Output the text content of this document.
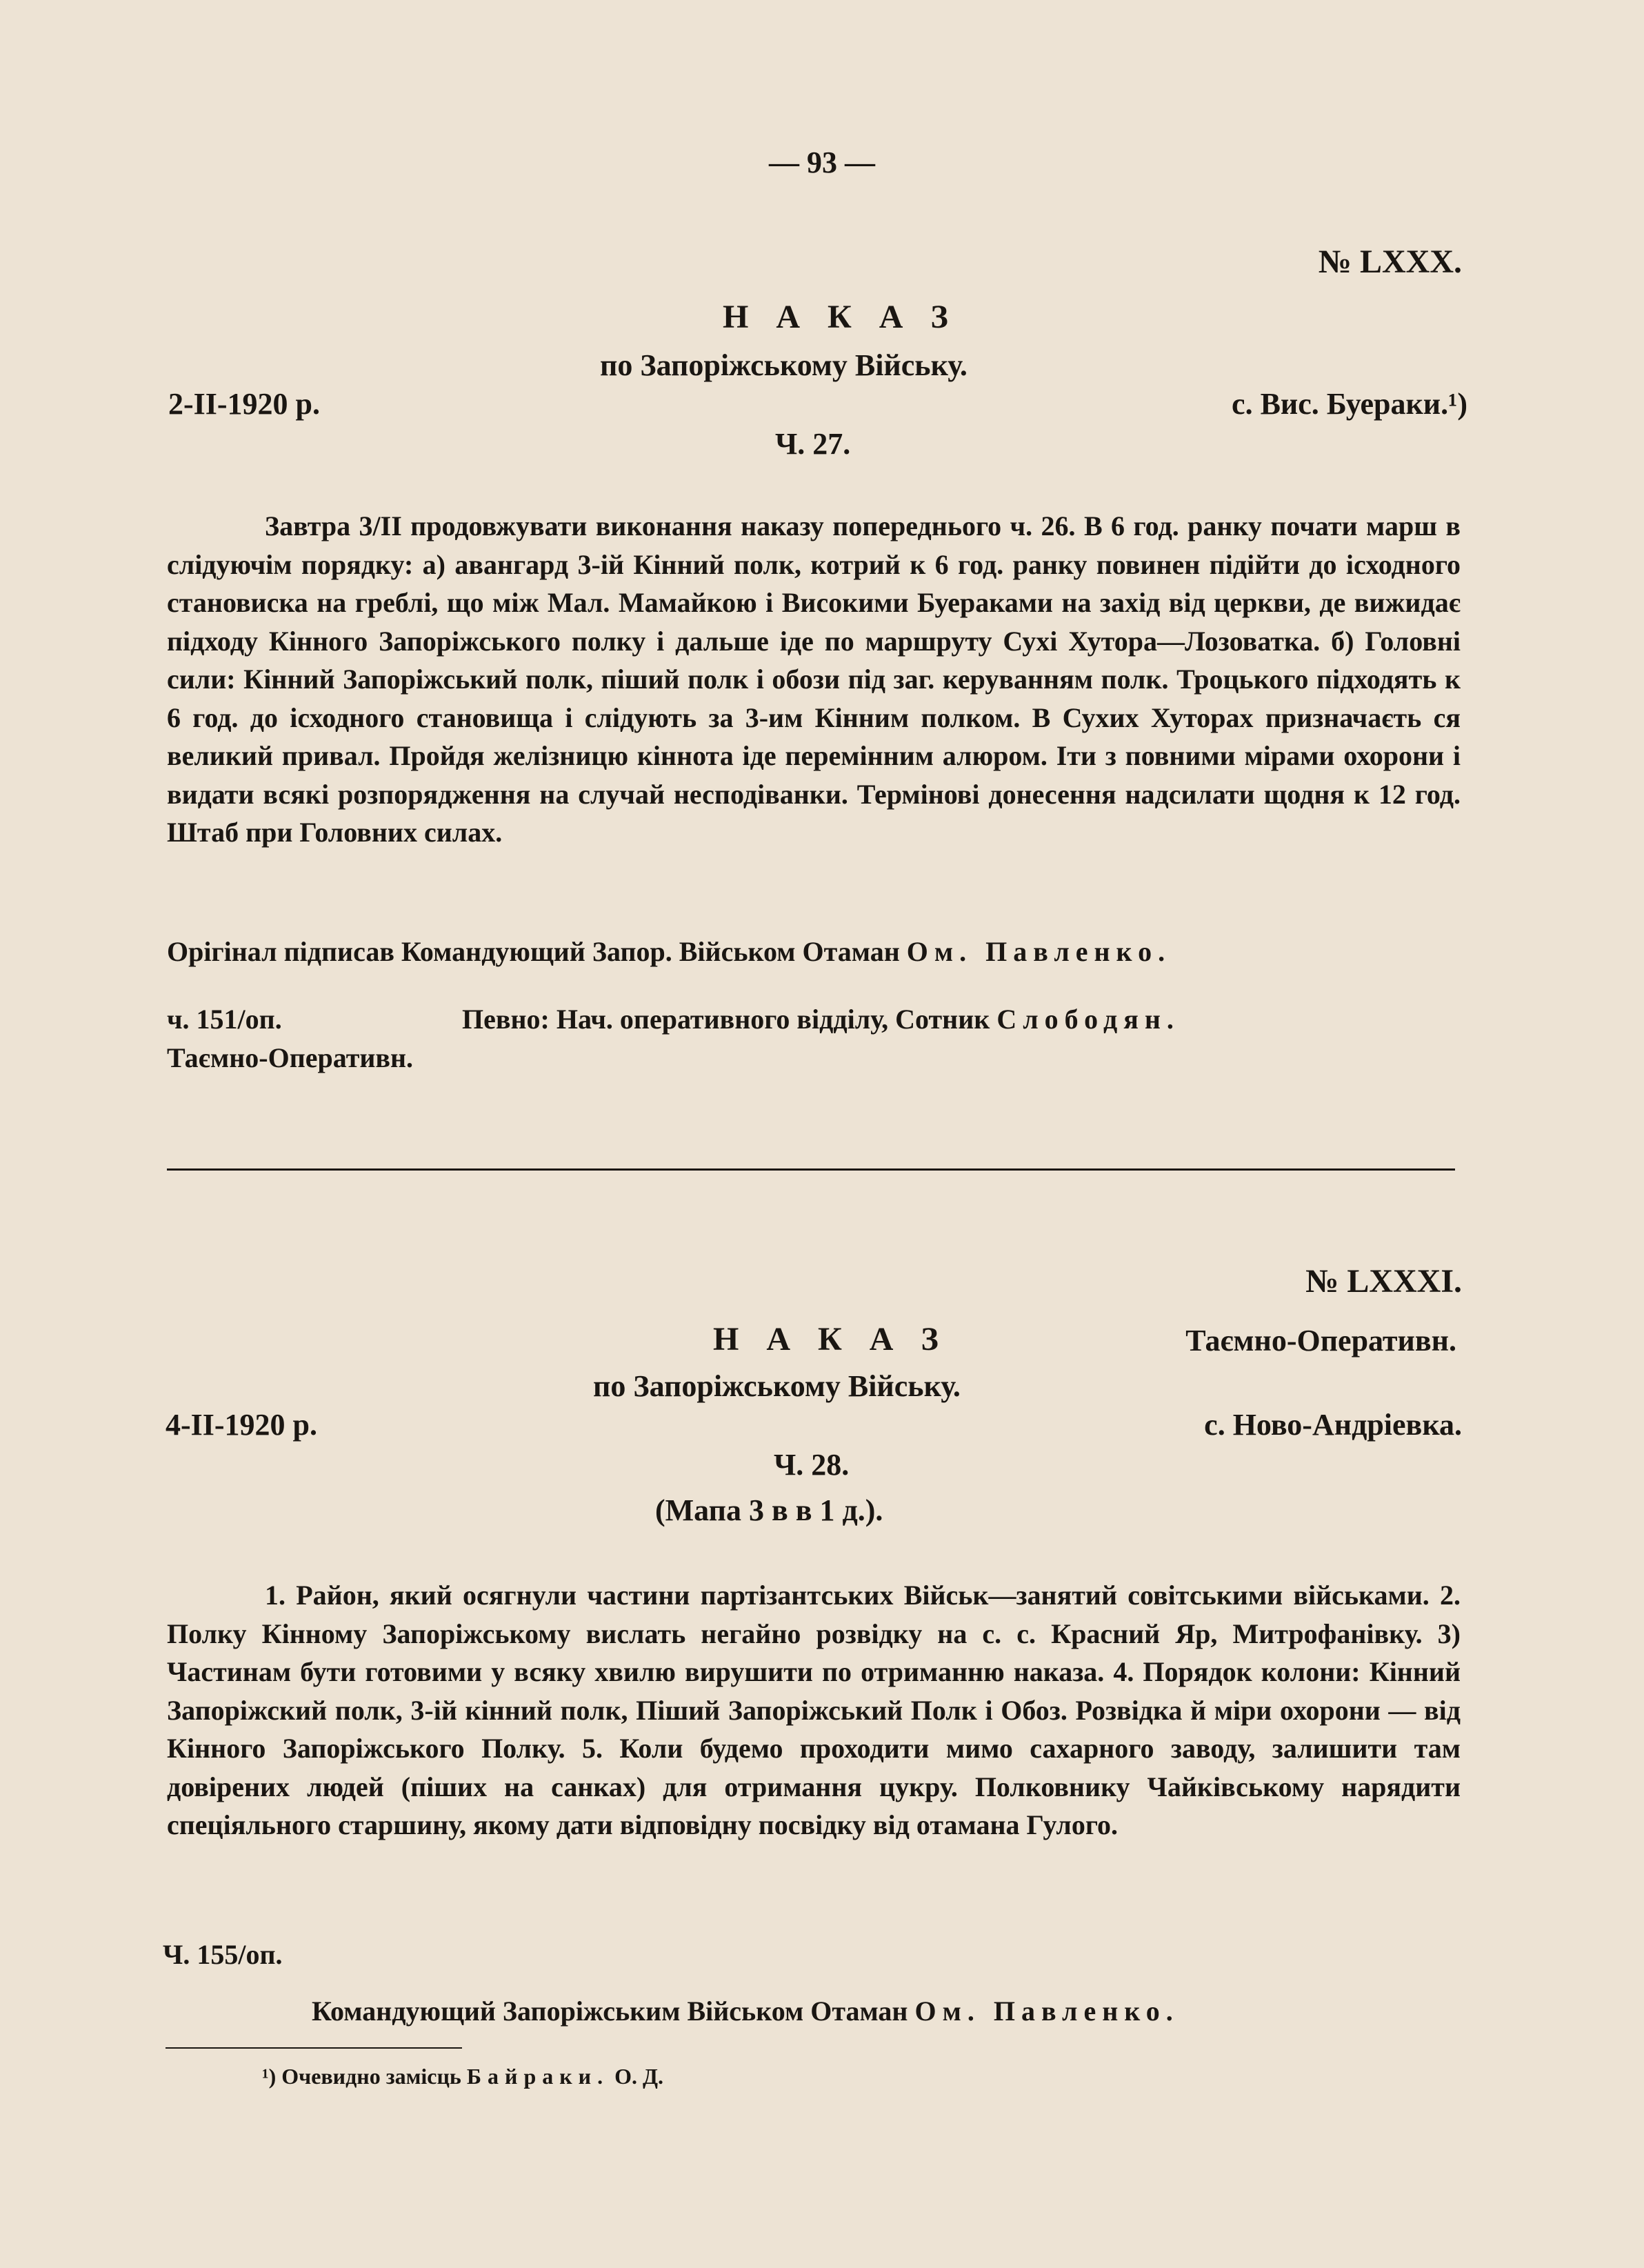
— 93 —
№ LXXX.
Н А К А З
по Запоріжському Війську.
2-II-1920 р.	с. Вис. Буераки.¹)
Ч. 27.

Завтра 3/II продовжувати виконання наказу попереднього ч. 26. В 6 год. ранку почати марш в слідуючім порядку: а) авангард 3-ій Кінний полк, котрий к 6 год. ранку повинен підійти до ісходного становиска на греблі, що між Мал. Мамайкою і Високими Буераками на захід від церкви, де вижидає підходу Кінного Запоріжського полку і дальше іде по маршруту Сухі Хутора—Лозоватка. б) Головні сили: Кінний Запоріжський полк, піший полк і обози під заг. керуванням полк. Троцького підходять к 6 год. до ісходного становища і слідують за 3-им Кінним полком. В Сухих Хуторах призначаєть ся великий привал. Пройдя желізницю кіннота іде перемінним алюром. Іти з повними мірами охорони і видати всякі розпорядження на случай несподіванки. Термінові донесення надсилати щодня к 12 год. Штаб при Головних силах.

Орігінал підписав Командующий Запор. Військом Отаман Ом. Павленко.
ч. 151/оп.	Певно: Нач. оперативного відділу, Сотник Слободян.
Таємно-Оперативн.
№ LXXXI.
Н А К А З	Таємно-Оперативн.
по Запоріжському Війську.
4-II-1920 р.	с. Ново-Андріевка.
Ч. 28.
(Мапа 3 в в 1 д.).

1. Район, який осягнули частини партізантських Військ—занятий совітськими військами. 2. Полку Кінному Запоріжському вислать негайно розвідку на с. с. Красний Яр, Митрофанівку. 3) Частинам бути готовими у всяку хвилю вирушити по отриманню наказа. 4. Порядок колони: Кінний Запоріжский полк, 3-ій кінний полк, Піший Запоріжський Полк і Обоз. Розвідка й міри охорони — від Кінного Запоріжського Полку. 5. Коли будемо проходити мимо сахарного заводу, залишити там довірених людей (піших на санках) для отримання цукру. Полковнику Чайківському нарядити спеціяльного старшину, якому дати відповідну посвідку від отамана Гулого.

Ч. 155/оп.
Командующий Запоріжським Військом Отаман Ом. Павленко.
¹) Очевидно замісць Байраки. О. Д.
